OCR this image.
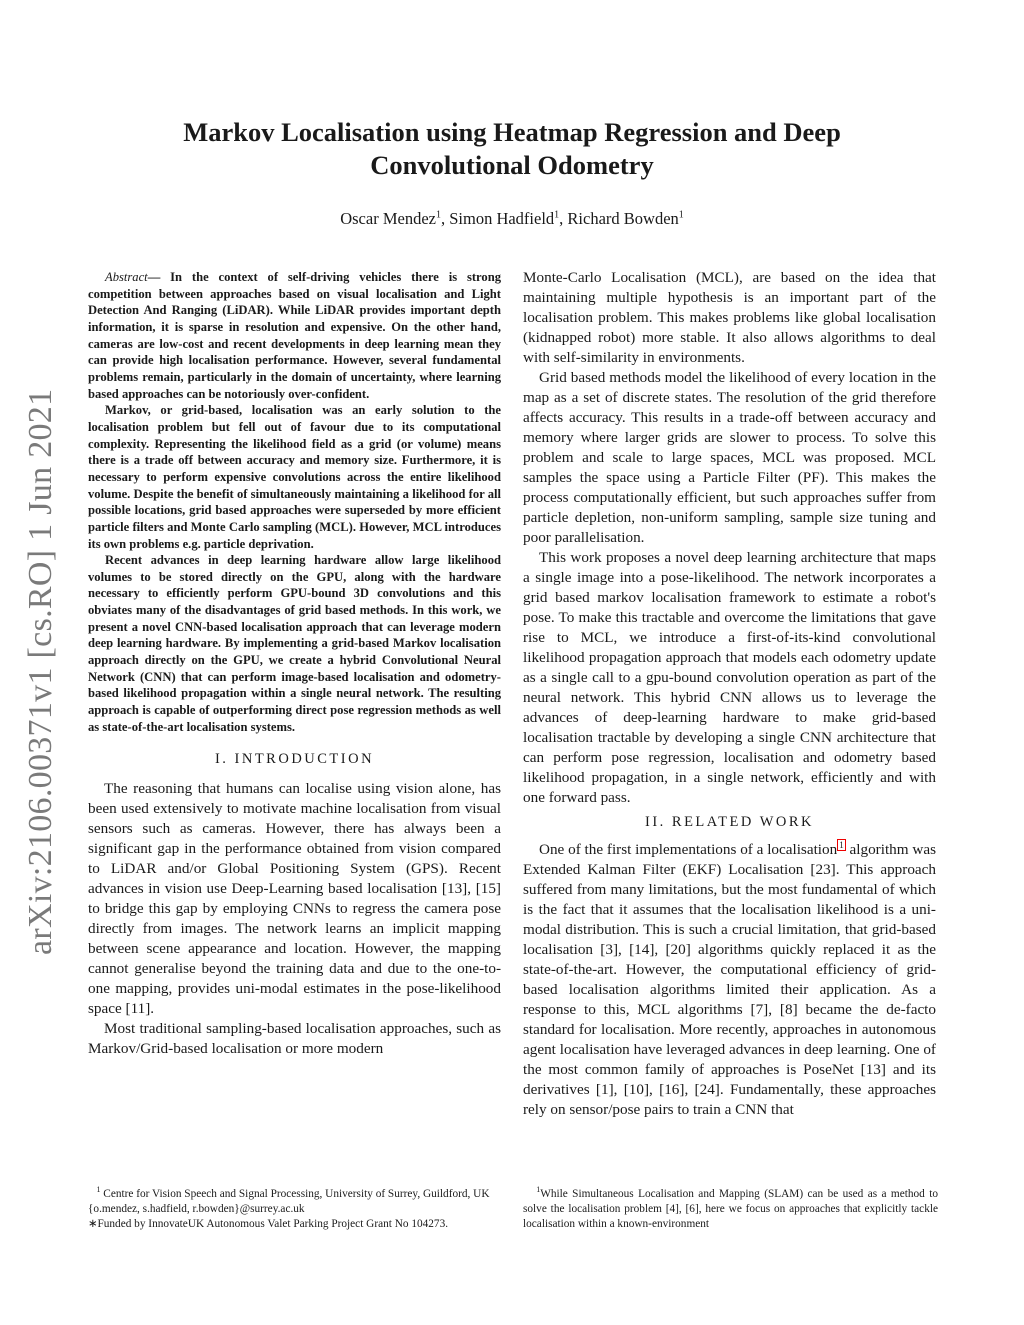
Markov Localisation using Heatmap Regression and Deep
Convolutional Odometry
Oscar Mendez$^1$, Simon Hadfield$^1$, Richard Bowden$^1$
arXiv:2106.00371v1 [cs.RO] 1 Jun 2021

Abstract— In the context of self-driving vehicles there is strong competition between approaches based on visual localisation and Light Detection And Ranging (LiDAR). While LiDAR provides important depth information, it is sparse in resolution and expensive. On the other hand, cameras are low-cost and recent developments in deep learning mean they can provide high localisation performance. However, several fundamental problems remain, particularly in the domain of uncertainty, where learning based approaches can be notoriously over-confident.

Markov, or grid-based, localisation was an early solution to the localisation problem but fell out of favour due to its computational complexity. Representing the likelihood field as a grid (or volume) means there is a trade off between accuracy and memory size. Furthermore, it is necessary to perform expensive convolutions across the entire likelihood volume. Despite the benefit of simultaneously maintaining a likelihood for all possible locations, grid based approaches were superseded by more efficient particle filters and Monte Carlo sampling (MCL). However, MCL introduces its own problems e.g. particle deprivation.

Recent advances in deep learning hardware allow large likelihood volumes to be stored directly on the GPU, along with the hardware necessary to efficiently perform GPU-bound 3D convolutions and this obviates many of the disadvantages of grid based methods. In this work, we present a novel CNN-based localisation approach that can leverage modern deep learning hardware. By implementing a grid-based Markov localisation approach directly on the GPU, we create a hybrid Convolutional Neural Network (CNN) that can perform image-based localisation and odometry-based likelihood propagation within a single neural network. The resulting approach is capable of outperforming direct pose regression methods as well as state-of-the-art localisation systems.

I. INTRODUCTION

The reasoning that humans can localise using vision alone, has been used extensively to motivate machine localisation from visual sensors such as cameras. However, there has always been a significant gap in the performance obtained from vision compared to LiDAR and/or Global Positioning System (GPS). Recent advances in vision use Deep-Learning based localisation [13], [15] to bridge this gap by employing CNNs to regress the camera pose directly from images. The network learns an implicit mapping between scene appearance and location. However, the mapping cannot generalise beyond the training data and due to the one-to-one mapping, provides uni-modal estimates in the pose-likelihood space [11].

Most traditional sampling-based localisation approaches, such as Markov/Grid-based localisation or more modern

Monte-Carlo Localisation (MCL), are based on the idea that maintaining multiple hypothesis is an important part of the localisation problem. This makes problems like global localisation (kidnapped robot) more stable. It also allows algorithms to deal with self-similarity in environments.

Grid based methods model the likelihood of every location in the map as a set of discrete states. The resolution of the grid therefore affects accuracy. This results in a trade-off between accuracy and memory where larger grids are slower to process. To solve this problem and scale to large spaces, MCL was proposed. MCL samples the space using a Particle Filter (PF). This makes the process computationally efficient, but such approaches suffer from particle depletion, non-uniform sampling, sample size tuning and poor parallelisation.

This work proposes a novel deep learning architecture that maps a single image into a pose-likelihood. The network incorporates a grid based markov localisation framework to estimate a robot's pose. To make this tractable and overcome the limitations that gave rise to MCL, we introduce a first-of-its-kind convolutional likelihood propagation approach that models each odometry update as a single call to a gpu-bound convolution operation as part of the neural network. This hybrid CNN allows us to leverage the advances of deep-learning hardware to make grid-based localisation tractable by developing a single CNN architecture that can perform pose regression, localisation and odometry based likelihood propagation, in a single network, efficiently and with one forward pass.

II. RELATED WORK

One of the first implementations of a localisation $^1$ algorithm was Extended Kalman Filter (EKF) Localisation [23]. This approach suffered from many limitations, but the most fundamental of which is the fact that it assumes that the localisation likelihood is a uni-modal distribution. This is such a crucial limitation, that grid-based localisation [3], [14], [20] algorithms quickly replaced it as the state-of-the-art. However, the computational efficiency of grid-based localisation algorithms limited their application. As a response to this, MCL algorithms [7], [8] became the de-facto standard for localisation. More recently, approaches in autonomous agent localisation have leveraged advances in deep learning. One of the most common family of approaches is PoseNet [13] and its derivatives [1], [10], [16], [24]. Fundamentally, these approaches rely on sensor/pose pairs to train a CNN that

$^1$ Centre for Vision Speech and Signal Processing, University of Surrey, Guildford, UK {o.mendez, s.hadfield, r.bowden}@surrey.ac.uk
∗Funded by InnovateUK Autonomous Valet Parking Project Grant No 104273.
$^1$While Simultaneous Localisation and Mapping (SLAM) can be used as a method to solve the localisation problem [4], [6], here we focus on approaches that explicitly tackle localisation within a known-environment
